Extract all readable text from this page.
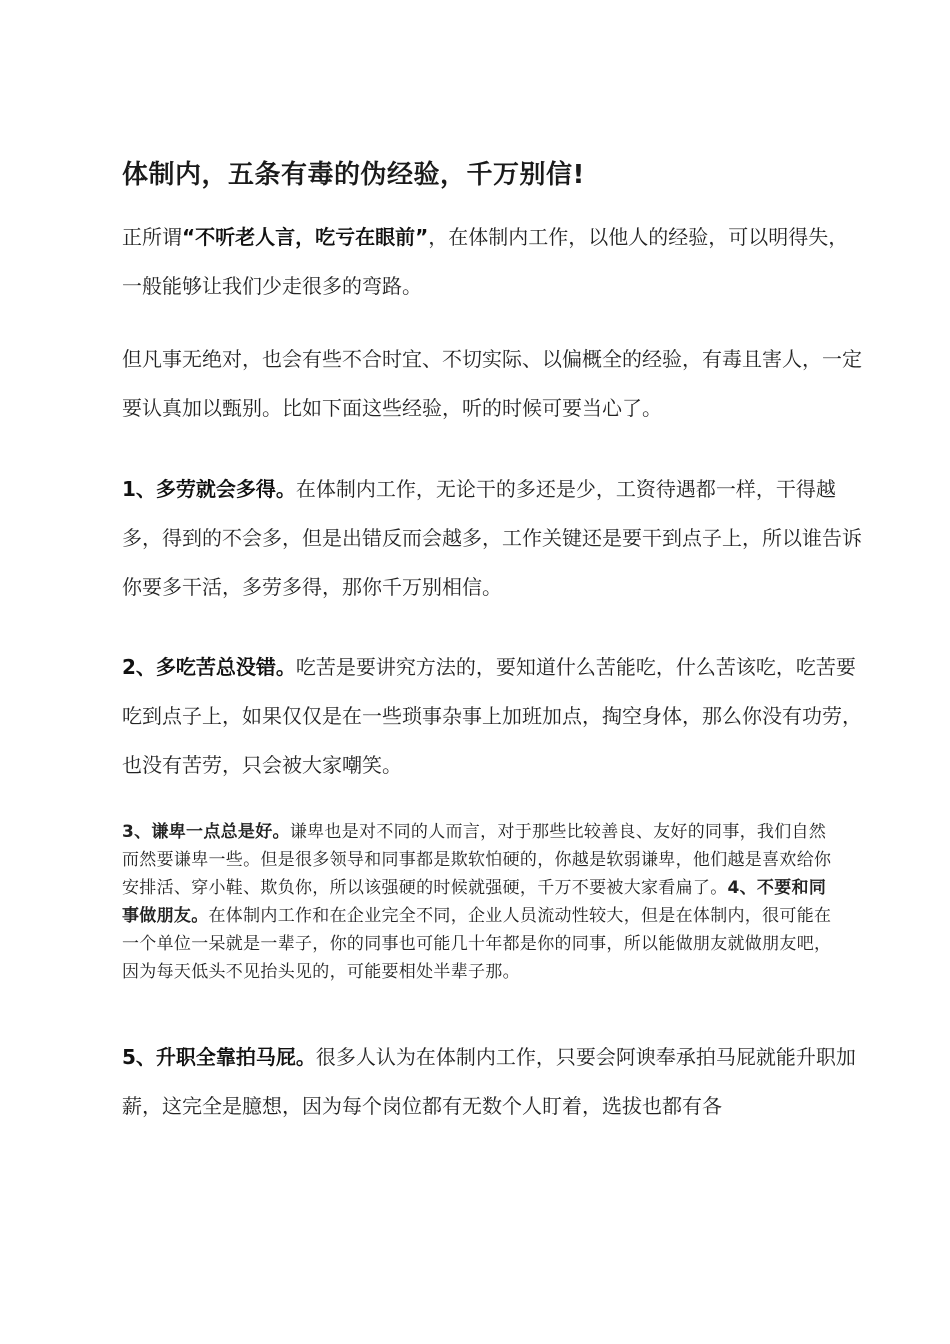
体制内，五条有毒的伪经验，千万别信!

正所谓“不听老人言，吃亏在眼前”，在体制内工作，以他人的经验，可以明得失，一般能够让我们少走很多的弯路。

但凡事无绝对，也会有些不合时宜、不切实际、以偏概全的经验，有毒且害人，一定要认真加以甄别。比如下面这些经验，听的时候可要当心了。

1、多劳就会多得。在体制内工作，无论干的多还是少，工资待遇都一样，干得越多，得到的不会多，但是出错反而会越多，工作关键还是要干到点子上，所以谁告诉你要多干活，多劳多得，那你千万别相信。

2、多吃苦总没错。吃苦是要讲究方法的，要知道什么苦能吃，什么苦该吃，吃苦要吃到点子上，如果仅仅是在一些琐事杂事上加班加点，掏空身体，那么你没有功劳，也没有苦劳，只会被大家嘲笑。

3、谦卑一点总是好。谦卑也是对不同的人而言，对于那些比较善良、友好的同事，我们自然而然要谦卑一些。但是很多领导和同事都是欺软怕硬的，你越是软弱谦卑，他们越是喜欢给你安排活、穿小鞋、欺负你，所以该强硬的时候就强硬，千万不要被大家看扁了。4、不要和同事做朋友。在体制内工作和在企业完全不同，企业人员流动性较大，但是在体制内，很可能在一个单位一呆就是一辈子，你的同事也可能几十年都是你的同事，所以能做朋友就做朋友吧，因为每天低头不见抬头见的，可能要相处半辈子那。

5、升职全靠拍马屁。很多人认为在体制内工作，只要会阿谀奉承拍马屁就能升职加薪，这完全是臆想，因为每个岗位都有无数个人盯着，选拔也都有各
